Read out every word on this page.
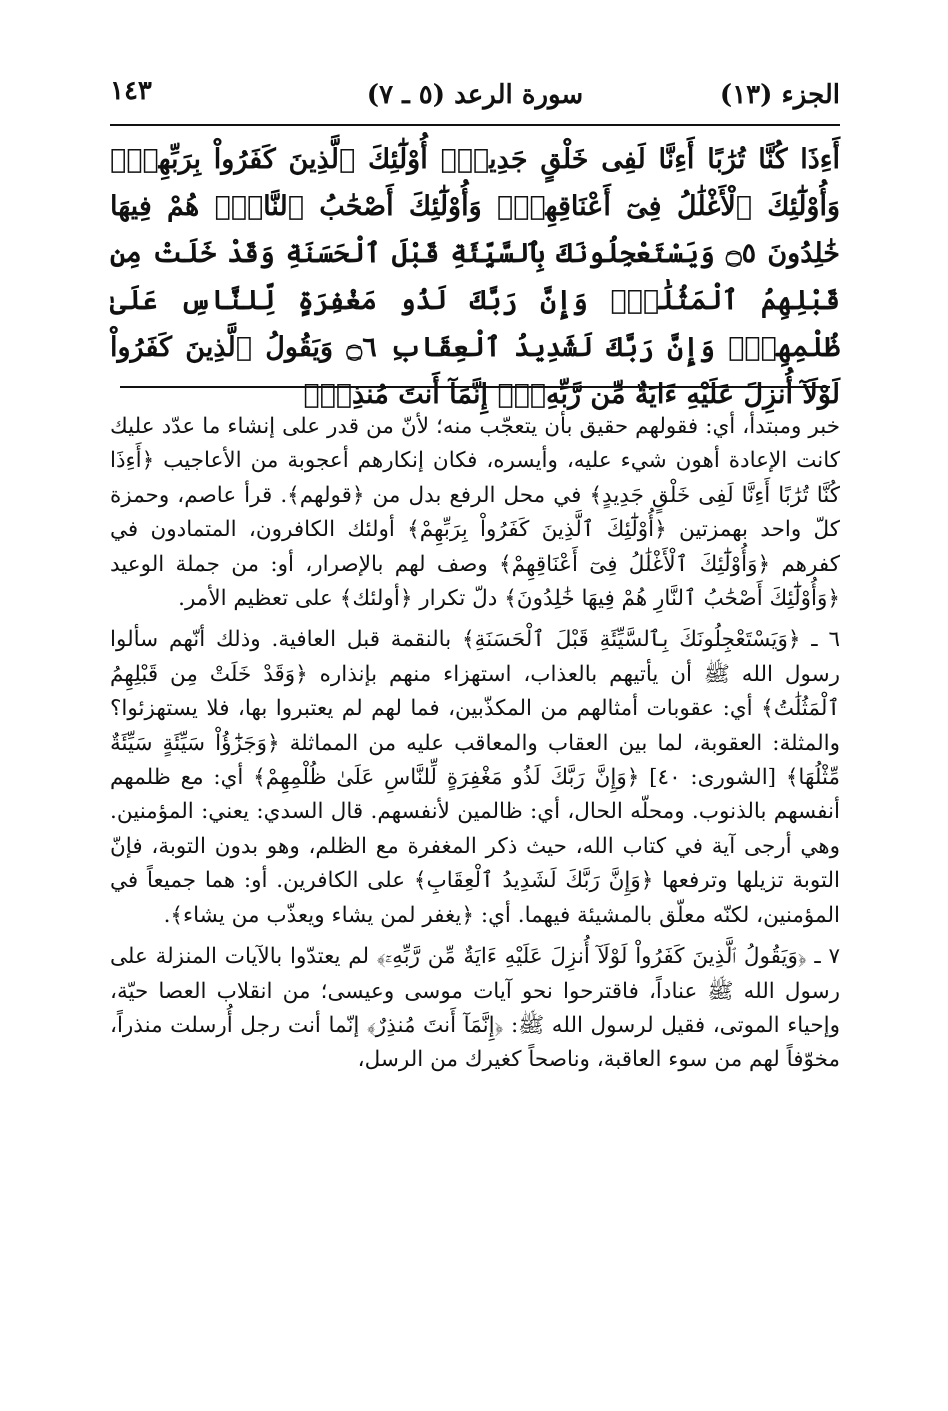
الجزء (١٣)
سورة الرعد (٥ ـ ٧)
١٤٣

أَءِذَا كُنَّا تُرَٰبًا أَءِنَّا لَفِى خَلْقٍ جَدِيدٍۗ أُوْلَٰٓئِكَ ٱلَّذِينَ كَفَرُواْ بِرَبِّهِمْۖ وَأُوْلَٰٓئِكَ ٱلْأَغْلَٰلُ فِىٓ أَعْنَاقِهِمْۖ وَأُوْلَٰٓئِكَ أَصْحَٰبُ ٱلنَّارِۖ هُمْ فِيهَا خَٰلِدُونَ ۝٥ وَيَسْتَعْجِلُونَكَ بِٱلسَّيِّئَةِ قَبْلَ ٱلْحَسَنَةِ وَقَدْ خَلَتْ مِن قَبْلِهِمُ ٱلْمَثُلَٰتُۗ وَإِنَّ رَبَّكَ لَذُو مَغْفِرَةٍ لِّلنَّاسِ عَلَىٰ ظُلْمِهِمْۖ وَإِنَّ رَبَّكَ لَشَدِيدُ ٱلْعِقَابِ ۝٦ وَيَقُولُ ٱلَّذِينَ كَفَرُواْ لَوْلَآ أُنزِلَ عَلَيْهِ ءَايَةٌ مِّن رَّبِّهِۦٓۗ إِنَّمَآ أَنتَ مُنذِرٌۖ

خبر ومبتدأ، أي: فقولهم حقيق بأن يتعجّب منه؛ لأنّ من قدر على إنشاء ما عدّد عليك كانت الإعادة أهون شيء عليه، وأيسره، فكان إنكارهم أعجوبة من الأعاجيب ﴿أَءِذَا كُنَّا تُرَٰبًا أَءِنَّا لَفِى خَلْقٍ جَدِيدٍ﴾ في محل الرفع بدل من ﴿قولهم﴾. قرأ عاصم، وحمزة كلّ واحد بهمزتين ﴿أُوْلَٰٓئِكَ ٱلَّذِينَ كَفَرُواْ بِرَبِّهِمْ﴾ أولئك الكافرون، المتمادون في كفرهم ﴿وَأُوْلَٰٓئِكَ ٱلْأَغْلَٰلُ فِىٓ أَعْنَاقِهِمْ﴾ وصف لهم بالإصرار، أو: من جملة الوعيد ﴿وَأُوْلَٰٓئِكَ أَصْحَٰبُ ٱلنَّارِ هُمْ فِيهَا خَٰلِدُونَ﴾ دلّ تكرار ﴿أولئك﴾ على تعظيم الأمر.

٦ ـ ﴿وَيَسْتَعْجِلُونَكَ بِٱلسَّيِّئَةِ قَبْلَ ٱلْحَسَنَةِ﴾ بالنقمة قبل العافية. وذلك أنّهم سألوا رسول الله ﷺ أن يأتيهم بالعذاب، استهزاء منهم بإنذاره ﴿وَقَدْ خَلَتْ مِن قَبْلِهِمُ ٱلْمَثُلَٰتُ﴾ أي: عقوبات أمثالهم من المكذّبين، فما لهم لم يعتبروا بها، فلا يستهزئوا؟ والمثلة: العقوبة، لما بين العقاب والمعاقب عليه من المماثلة ﴿وَجَزَٰٓؤُاْ سَيِّئَةٍ سَيِّئَةٌ مِّثْلُهَا﴾ [الشورى: ٤٠] ﴿وَإِنَّ رَبَّكَ لَذُو مَغْفِرَةٍ لِّلنَّاسِ عَلَىٰ ظُلْمِهِمْ﴾ أي: مع ظلمهم أنفسهم بالذنوب. ومحلّه الحال، أي: ظالمين لأنفسهم. قال السدي: يعني: المؤمنين. وهي أرجى آية في كتاب الله، حيث ذكر المغفرة مع الظلم، وهو بدون التوبة، فإنّ التوبة تزيلها وترفعها ﴿وَإِنَّ رَبَّكَ لَشَدِيدُ ٱلْعِقَابِ﴾ على الكافرين. أو: هما جميعاً في المؤمنين، لكنّه معلّق بالمشيئة فيهما. أي: ﴿يغفر لمن يشاء ويعذّب من يشاء﴾.

٧ ـ ﴿وَيَقُولُ ٱلَّذِينَ كَفَرُواْ لَوْلَآ أُنزِلَ عَلَيْهِ ءَايَةٌ مِّن رَّبِّهِۦٓ﴾ لم يعتدّوا بالآيات المنزلة على رسول الله ﷺ عناداً، فاقترحوا نحو آيات موسى وعيسى؛ من انقلاب العصا حيّة، وإحياء الموتى، فقيل لرسول الله ﷺ: ﴿إِنَّمَآ أَنتَ مُنذِرٌ﴾ إنّما أنت رجل أُرسلت منذراً، مخوّفاً لهم من سوء العاقبة، وناصحاً كغيرك من الرسل،
